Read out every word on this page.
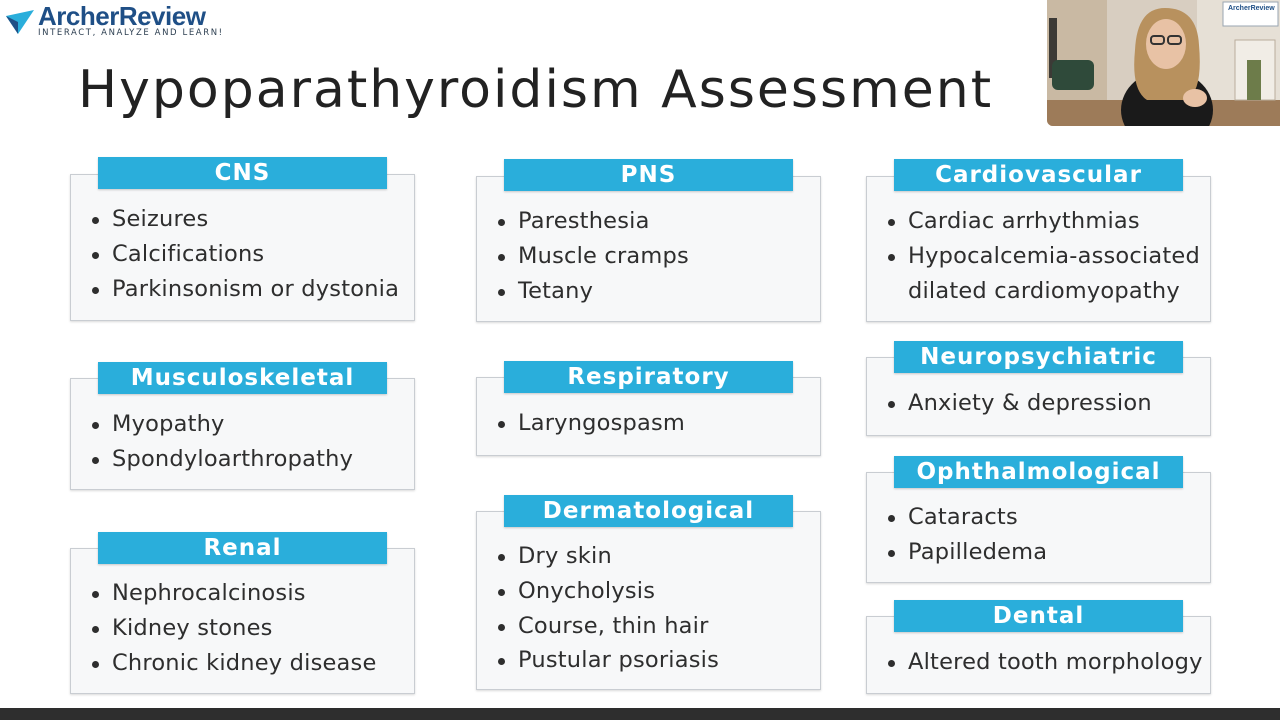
ArcherReview
INTERACT, ANALYZE AND LEARN!
Hypoparathyroidism Assessment
ArcherReview
CNS
Seizures
Calcifications
Parkinsonism or dystonia
PNS
Paresthesia
Muscle cramps
Tetany
Cardiovascular
Cardiac arrhythmias
Hypocalcemia-associated
dilated cardiomyopathy
Musculoskeletal
Myopathy
Spondyloarthropathy
Respiratory
Laryngospasm
Neuropsychiatric
Anxiety & depression
Ophthalmological
Cataracts
Papilledema
Renal
Nephrocalcinosis
Kidney stones
Chronic kidney disease
Dermatological
Dry skin
Onycholysis
Course, thin hair
Pustular psoriasis
Dental
Altered tooth morphology
